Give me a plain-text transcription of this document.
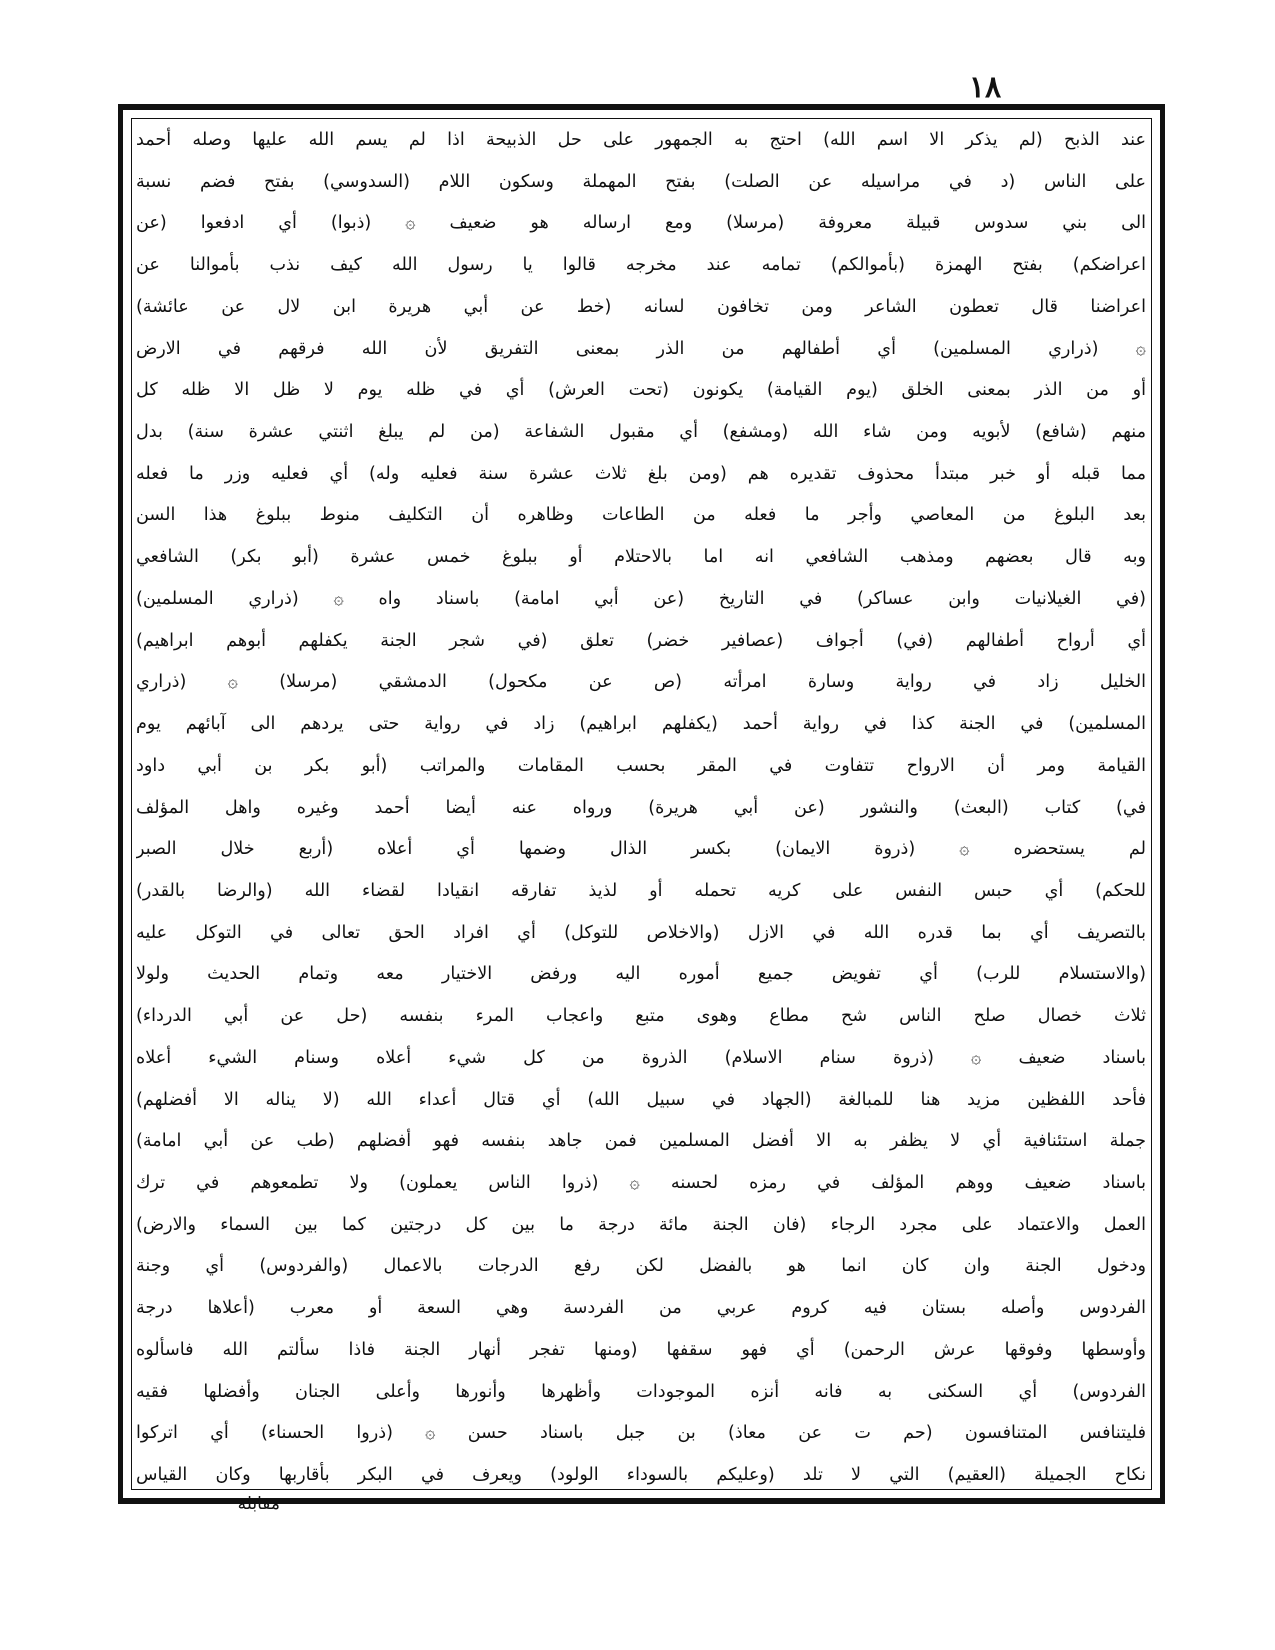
١٨
عند الذبح (لم يذكر الا اسم الله) احتج به الجمهور على حل الذبيحة اذا لم يسم الله عليها وصله أحمد
على الناس (د في مراسيله عن الصلت) بفتح المهملة وسكون اللام (السدوسي) بفتح فضم نسبة
الى بني سدوس قبيلة معروفة (مرسلا) ومع ارساله هو ضعيف ۞ (ذبوا) أي ادفعوا (عن
اعراضكم) بفتح الهمزة (بأموالكم) تمامه عند مخرجه قالوا يا رسول الله كيف نذب بأموالنا عن
اعراضنا قال تعطون الشاعر ومن تخافون لسانه (خط عن أبي هريرة ابن لال عن عائشة)
۞ (ذراري المسلمين) أي أطفالهم من الذر بمعنى التفريق لأن الله فرقهم في الارض
أو من الذر بمعنى الخلق (يوم القيامة) يكونون (تحت العرش) أي في ظله يوم لا ظل الا ظله كل
منهم (شافع) لأبويه ومن شاء الله (ومشفع) أي مقبول الشفاعة (من لم يبلغ اثنتي عشرة سنة) بدل
مما قبله أو خبر مبتدأ محذوف تقديره هم (ومن بلغ ثلاث عشرة سنة فعليه وله) أي فعليه وزر ما فعله
بعد البلوغ من المعاصي وأجر ما فعله من الطاعات وظاهره أن التكليف منوط ببلوغ هذا السن
وبه قال بعضهم ومذهب الشافعي انه اما بالاحتلام أو ببلوغ خمس عشرة (أبو بكر) الشافعي
(في الغيلانيات وابن عساكر) في التاريخ (عن أبي امامة) باسناد واه ۞ (ذراري المسلمين)
أي أرواح أطفالهم (في) أجواف (عصافير خضر) تعلق (في شجر الجنة يكفلهم أبوهم ابراهيم)
الخليل زاد في رواية وسارة امرأته (ص عن مكحول) الدمشقي (مرسلا) ۞ (ذراري
المسلمين) في الجنة كذا في رواية أحمد (يكفلهم ابراهيم) زاد في رواية حتى يردهم الى آبائهم يوم
القيامة ومر أن الارواح تتفاوت في المقر بحسب المقامات والمراتب (أبو بكر بن أبي داود
في) كتاب (البعث) والنشور (عن أبي هريرة) ورواه عنه أيضا أحمد وغيره واهل المؤلف
لم يستحضره ۞ (ذروة الايمان) بكسر الذال وضمها أي أعلاه (أربع خلال الصبر
للحكم) أي حبس النفس على كريه تحمله أو لذيذ تفارقه انقيادا لقضاء الله (والرضا بالقدر)
بالتصريف أي بما قدره الله في الازل (والاخلاص للتوكل) أي افراد الحق تعالى في التوكل عليه
(والاستسلام للرب) أي تفويض جميع أموره اليه ورفض الاختيار معه وتمام الحديث ولولا
ثلاث خصال صلح الناس شح مطاع وهوى متبع واعجاب المرء بنفسه (حل عن أبي الدرداء)
باسناد ضعيف ۞ (ذروة سنام الاسلام) الذروة من كل شيء أعلاه وسنام الشيء أعلاه
فأحد اللفظين مزيد هنا للمبالغة (الجهاد في سبيل الله) أي قتال أعداء الله (لا يناله الا أفضلهم)
جملة استئنافية أي لا يظفر به الا أفضل المسلمين فمن جاهد بنفسه فهو أفضلهم (طب عن أبي امامة)
باسناد ضعيف ووهم المؤلف في رمزه لحسنه ۞ (ذروا الناس يعملون) ولا تطمعوهم في ترك
العمل والاعتماد على مجرد الرجاء (فان الجنة مائة درجة ما بين كل درجتين كما بين السماء والارض)
ودخول الجنة وان كان انما هو بالفضل لكن رفع الدرجات بالاعمال (والفردوس) أي وجنة
الفردوس وأصله بستان فيه كروم عربي من الفردسة وهي السعة أو معرب (أعلاها درجة
وأوسطها وفوقها عرش الرحمن) أي فهو سقفها (ومنها تفجر أنهار الجنة فاذا سألتم الله فاسألوه
الفردوس) أي السكنى به فانه أنزه الموجودات وأظهرها وأنورها وأعلى الجنان وأفضلها فقيه
فليتنافس المتنافسون (حم ت عن معاذ) بن جبل باسناد حسن ۞ (ذروا الحسناء) أي اتركوا
نكاح الجميلة (العقيم) التي لا تلد (وعليكم بالسوداء الولود) ويعرف في البكر بأقاربها وكان القياس
مقابلة
